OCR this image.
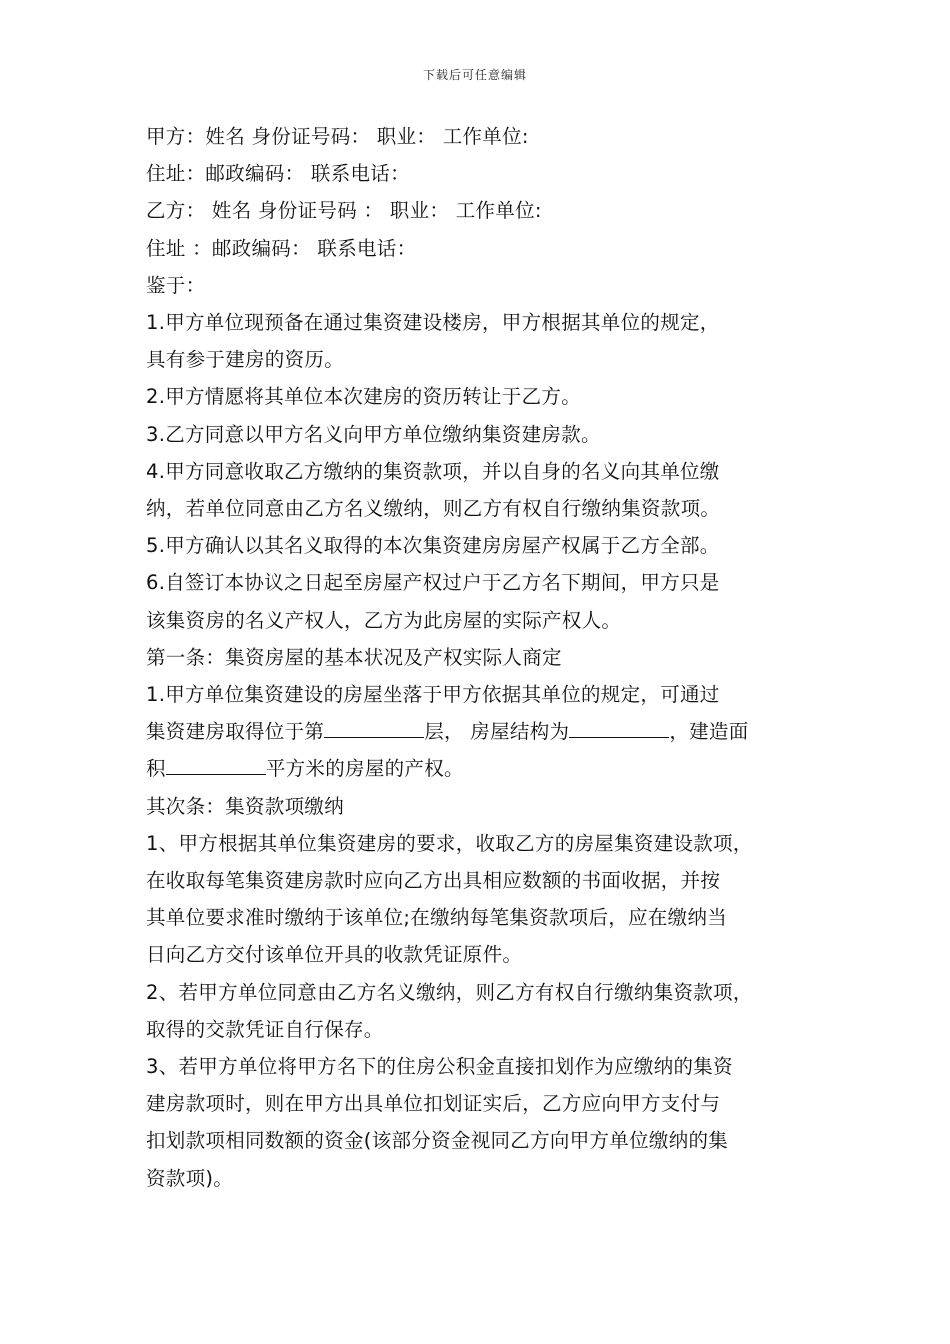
下载后可任意编辑

甲方：姓名 身份证号码： 职业： 工作单位:

住址：邮政编码： 联系电话：

乙方： 姓名 身份证号码 ： 职业： 工作单位:

住址 ：邮政编码： 联系电话：

鉴于：

1.甲方单位现预备在通过集资建设楼房，甲方根据其单位的规定，

具有参于建房的资历。

2.甲方情愿将其单位本次建房的资历转让于乙方。

3.乙方同意以甲方名义向甲方单位缴纳集资建房款。

4.甲方同意收取乙方缴纳的集资款项，并以自身的名义向其单位缴

纳，若单位同意由乙方名义缴纳，则乙方有权自行缴纳集资款项。

5.甲方确认以其名义取得的本次集资建房房屋产权属于乙方全部。

6.自签订本协议之日起至房屋产权过户于乙方名下期间，甲方只是

该集资房的名义产权人，乙方为此房屋的实际产权人。

第一条：集资房屋的基本状况及产权实际人商定

1.甲方单位集资建设的房屋坐落于甲方依据其单位的规定，可通过

集资建房取得位于第	层， 房屋结构为	，建造面

积	平方米的房屋的产权。

其次条：集资款项缴纳

1、甲方根据其单位集资建房的要求，收取乙方的房屋集资建设款项，

在收取每笔集资建房款时应向乙方出具相应数额的书面收据，并按

其单位要求准时缴纳于该单位;在缴纳每笔集资款项后，应在缴纳当

日向乙方交付该单位开具的收款凭证原件。

2、若甲方单位同意由乙方名义缴纳，则乙方有权自行缴纳集资款项，

取得的交款凭证自行保存。

3、若甲方单位将甲方名下的住房公积金直接扣划作为应缴纳的集资

建房款项时，则在甲方出具单位扣划证实后，乙方应向甲方支付与

扣划款项相同数额的资金(该部分资金视同乙方向甲方单位缴纳的集

资款项)。
